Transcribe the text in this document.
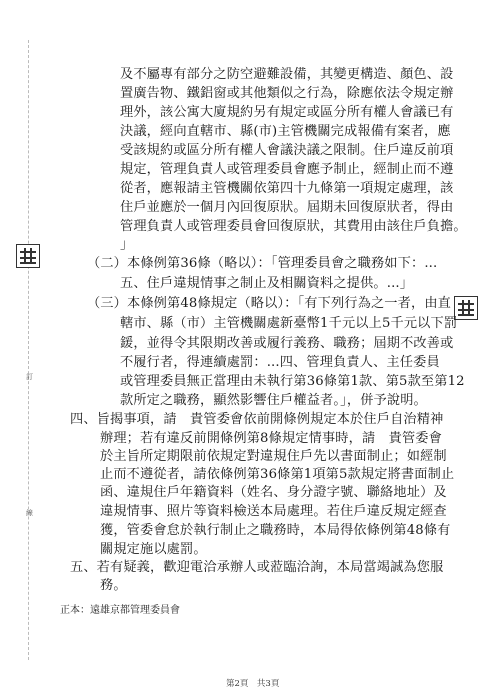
訂
線
及不屬專有部分之防空避難設備，其變更構造、顏色、設
置廣告物、鐵鋁窗或其他類似之行為，除應依法令規定辦
理外，該公寓大廈規約另有規定或區分所有權人會議已有
決議，經向直轄市、縣(市)主管機關完成報備有案者，應
受該規約或區分所有權人會議決議之限制。住戶違反前項
規定，管理負責人或管理委員會應予制止，經制止而不遵
從者，應報請主管機關依第四十九條第一項規定處理，該
住戶並應於一個月內回復原狀。屆期未回復原狀者，得由
管理負責人或管理委員會回復原狀，其費用由該住戶負擔。
」
（二）本條例第36條（略以）：「管理委員會之職務如下：...
五、住戶違規情事之制止及相關資料之提供。...」
（三）本條例第48條規定（略以）：「有下列行為之一者，由直
轄市、縣（市）主管機關處新臺幣1千元以上5千元以下罰
鍰，並得令其限期改善或履行義務、職務；屆期不改善或
不履行者，得連續處罰：...四、管理負責人、主任委員
或管理委員無正當理由未執行第36條第1款、第5款至第12
款所定之職務，顯然影響住戶權益者。」，併予說明。
四、旨揭事項，請　貴管委會依前開條例規定本於住戶自治精神
辦理；若有違反前開條例第8條規定情事時，請　貴管委會
於主旨所定期限前依規定對違規住戶先以書面制止；如經制
止而不遵從者，請依條例第36條第1項第5款規定將書面制止
函、違規住戶年籍資料（姓名、身分證字號、聯絡地址）及
違規情事、照片等資料檢送本局處理。若住戶違反規定經查
獲，管委會怠於執行制止之職務時，本局得依條例第48條有
關規定施以處罰。
五、若有疑義，歡迎電洽承辦人或蒞臨洽詢，本局當竭誠為您服
務。
正本：遠雄京都管理委員會
第2頁　共3頁
